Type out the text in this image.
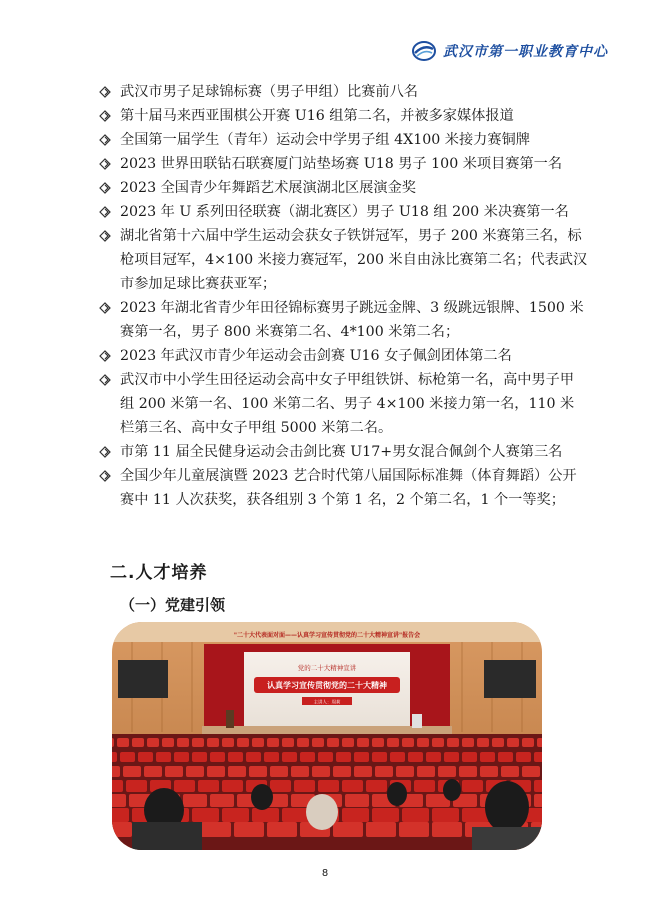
武汉市第一职业教育中心
武汉市男子足球锦标赛（男子甲组）比赛前八名
第十届马来西亚围棋公开赛 U16 组第二名，并被多家媒体报道
全国第一届学生（青年）运动会中学男子组 4X100 米接力赛铜牌
2023 世界田联钻石联赛厦门站垫场赛 U18 男子 100 米项目赛第一名
2023 全国青少年舞蹈艺术展演湖北区展演金奖
2023 年 U 系列田径联赛（湖北赛区）男子 U18 组 200 米决赛第一名
湖北省第十六届中学生运动会获女子铁饼冠军，男子 200 米赛第三名，标枪项目冠军，4×100 米接力赛冠军，200 米自由泳比赛第二名；代表武汉市参加足球比赛获亚军；
2023 年湖北省青少年田径锦标赛男子跳远金牌、3 级跳远银牌、1500 米赛第一名，男子 800 米赛第二名、4*100 米第二名；
2023 年武汉市青少年运动会击剑赛 U16 女子佩剑团体第二名
武汉市中小学生田径运动会高中女子甲组铁饼、标枪第一名，高中男子甲组 200 米第一名、100 米第二名、男子 4×100 米接力第一名，110 米栏第三名、高中女子甲组 5000 米第二名。
市第 11 届全民健身运动会击剑比赛 U17+男女混合佩剑个人赛第三名
全国少年儿童展演暨 2023 艺合时代第八届国际标准舞（体育舞蹈）公开赛中 11 人次获奖，获各组别 3 个第 1 名，2 个第二名，1 个一等奖；
二.人才培养
（一）党建引领
"二十大代表面对面——认真学习宣传贯彻党的二十大精神宣讲"报告会
党的二十大精神宣讲
认真学习宣传贯彻党的二十大精神
主讲人：周莉
8
